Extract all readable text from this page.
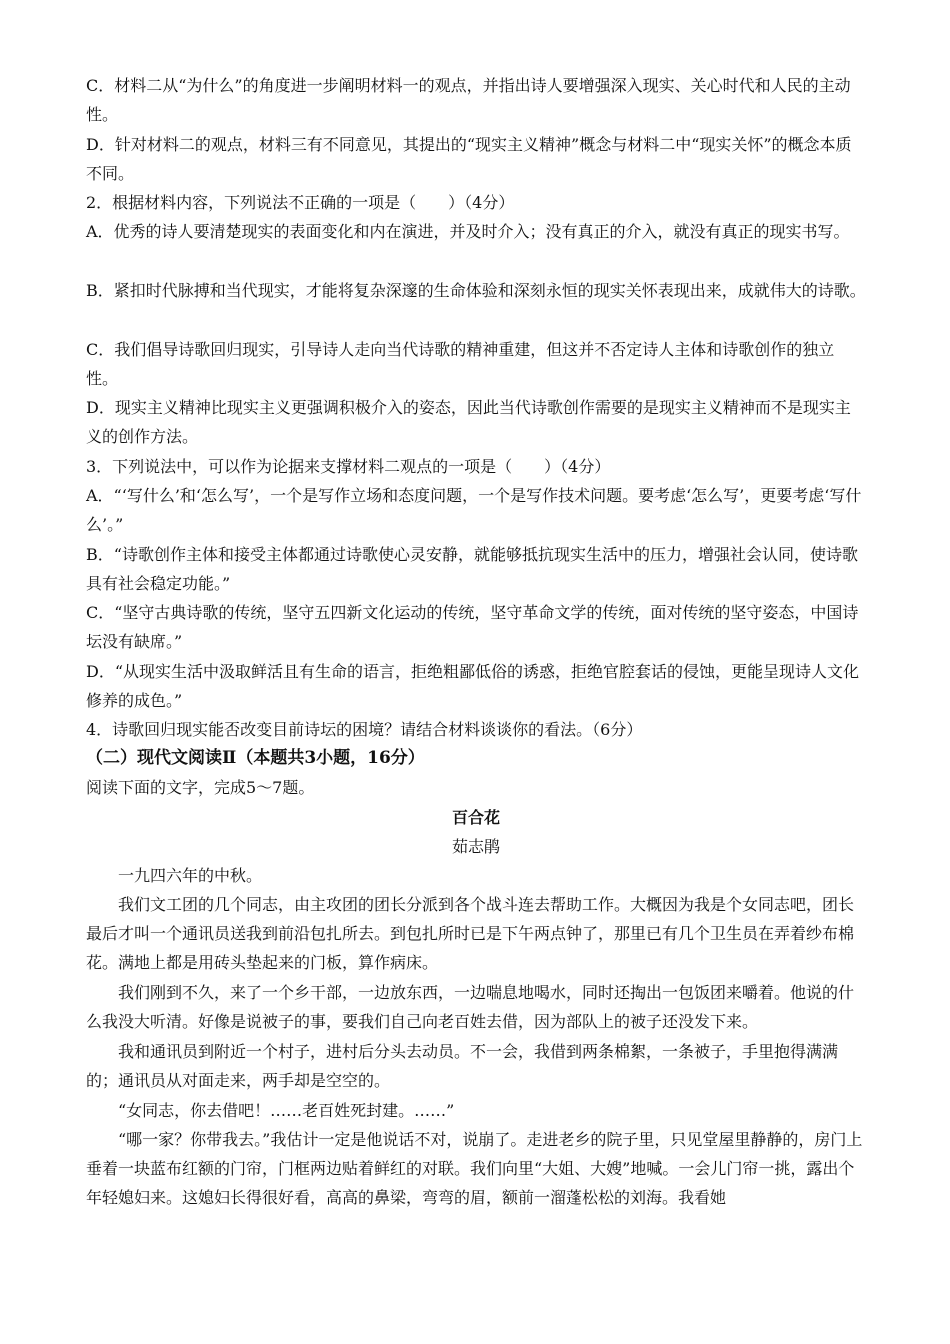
C．材料二从“为什么”的角度进一步阐明材料一的观点，并指出诗人要增强深入现实、关心时代和人民的主动性。

D．针对材料二的观点，材料三有不同意见，其提出的“现实主义精神”概念与材料二中“现实关怀”的概念本质不同。

2．根据材料内容，下列说法不正确的一项是（　　）（4分）

A．优秀的诗人要清楚现实的表面变化和内在演进，并及时介入；没有真正的介入，就没有真正的现实书写。

B．紧扣时代脉搏和当代现实，才能将复杂深邃的生命体验和深刻永恒的现实关怀表现出来，成就伟大的诗歌。

C．我们倡导诗歌回归现实，引导诗人走向当代诗歌的精神重建，但这并不否定诗人主体和诗歌创作的独立性。

D．现实主义精神比现实主义更强调积极介入的姿态，因此当代诗歌创作需要的是现实主义精神而不是现实主义的创作方法。

3．下列说法中，可以作为论据来支撑材料二观点的一项是（　　）（4分）

A．“‘写什么’和‘怎么写’，一个是写作立场和态度问题，一个是写作技术问题。要考虑‘怎么写’，更要考虑‘写什么’。”

B．“诗歌创作主体和接受主体都通过诗歌使心灵安静，就能够抵抗现实生活中的压力，增强社会认同，使诗歌具有社会稳定功能。”

C．“坚守古典诗歌的传统，坚守五四新文化运动的传统，坚守革命文学的传统，面对传统的坚守姿态，中国诗坛没有缺席。”

D．“从现实生活中汲取鲜活且有生命的语言，拒绝粗鄙低俗的诱惑，拒绝官腔套话的侵蚀，更能呈现诗人文化修养的成色。”

4．诗歌回归现实能否改变目前诗坛的困境？请结合材料谈谈你的看法。（6分）

（二）现代文阅读Ⅱ（本题共3小题，16分）

阅读下面的文字，完成5～7题。

百合花

茹志鹃

一九四六年的中秋。

我们文工团的几个同志，由主攻团的团长分派到各个战斗连去帮助工作。大概因为我是个女同志吧，团长最后才叫一个通讯员送我到前沿包扎所去。到包扎所时已是下午两点钟了，那里已有几个卫生员在弄着纱布棉花。满地上都是用砖头垫起来的门板，算作病床。

我们刚到不久，来了一个乡干部，一边放东西，一边喘息地喝水，同时还掏出一包饭团来嚼着。他说的什么我没大听清。好像是说被子的事，要我们自己向老百姓去借，因为部队上的被子还没发下来。

我和通讯员到附近一个村子，进村后分头去动员。不一会，我借到两条棉絮，一条被子，手里抱得满满的；通讯员从对面走来，两手却是空空的。

“女同志，你去借吧！……老百姓死封建。……”

“哪一家？你带我去。”我估计一定是他说话不对，说崩了。走进老乡的院子里，只见堂屋里静静的，房门上垂着一块蓝布红额的门帘，门框两边贴着鲜红的对联。我们向里“大姐、大嫂”地喊。一会儿门帘一挑，露出个年轻媳妇来。这媳妇长得很好看，高高的鼻梁，弯弯的眉，额前一溜蓬松松的刘海。我看她
